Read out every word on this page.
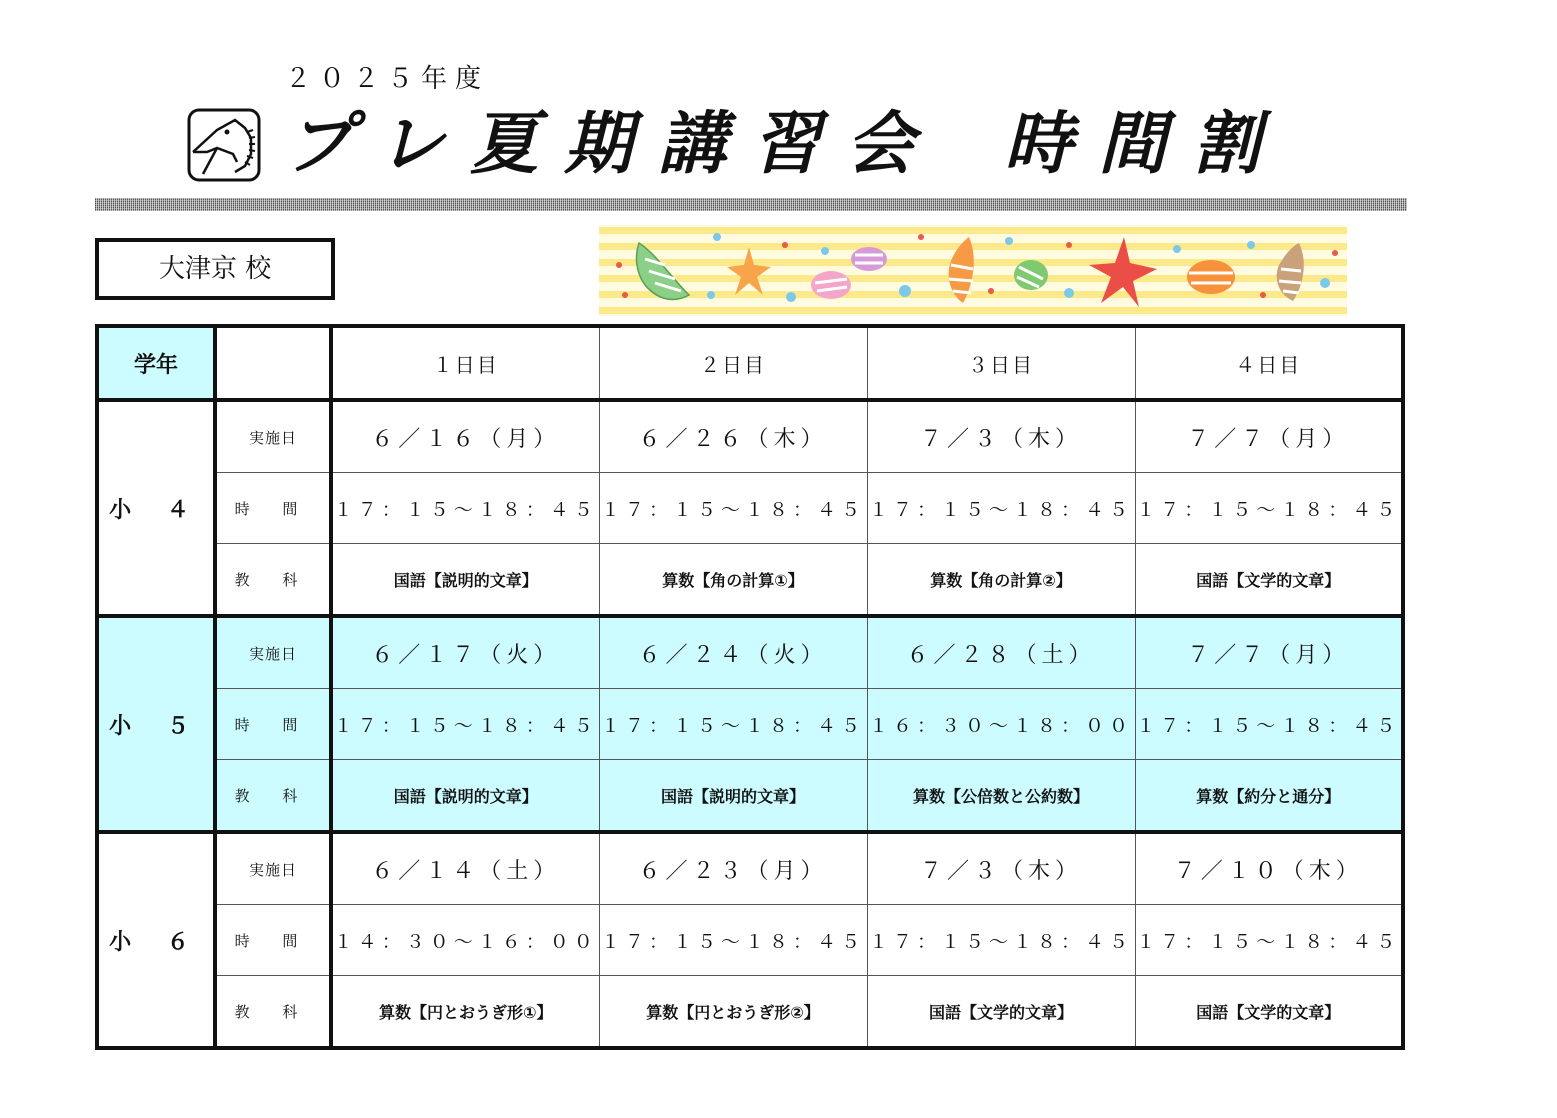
２０２５年度
プレ夏期講習会 時間割
大津京 校
学年		１日目	２日目	３日目	４日目
小 ４	実施日	６／１６（月）	６／２６（木）	７／３（木）	７／７（月）
	時 間	１７：１５～１８：４５	１７：１５～１８：４５	１７：１５～１８：４５	１７：１５～１８：４５
	教 科	国語【説明的文章】	算数【角の計算①】	算数【角の計算②】	国語【文学的文章】
小 ５	実施日	６／１７（火）	６／２４（火）	６／２８（土）	７／７（月）
	時 間	１７：１５～１８：４５	１７：１５～１８：４５	１６：３０～１８：００	１７：１５～１８：４５
	教 科	国語【説明的文章】	国語【説明的文章】	算数【公倍数と公約数】	算数【約分と通分】
小 ６	実施日	６／１４（土）	６／２３（月）	７／３（木）	７／１０（木）
	時 間	１４：３０～１６：００	１７：１５～１８：４５	１７：１５～１８：４５	１７：１５～１８：４５
	教 科	算数【円とおうぎ形①】	算数【円とおうぎ形②】	国語【文学的文章】	国語【文学的文章】
